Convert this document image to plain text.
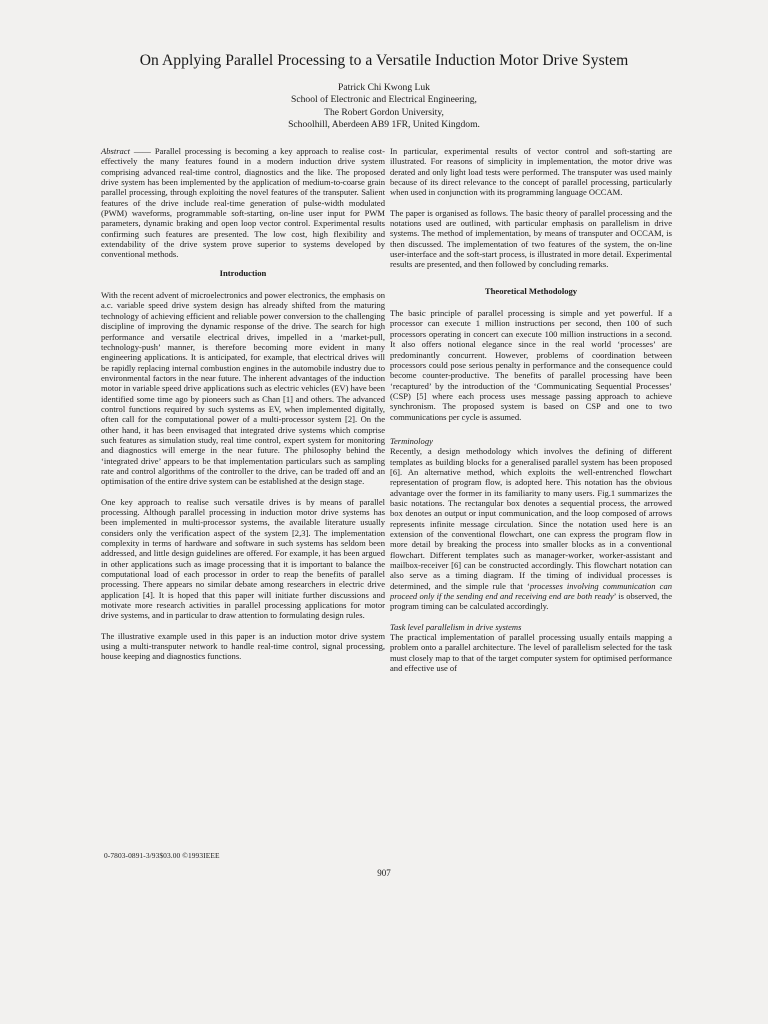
On Applying Parallel Processing to a Versatile Induction Motor Drive System
Patrick Chi Kwong Luk
School of Electronic and Electrical Engineering,
The Robert Gordon University,
Schoolhill, Aberdeen AB9 1FR, United Kingdom.

Abstract —— Parallel processing is becoming a key approach to realise cost-effectively the many features found in a modern induction drive system comprising advanced real-time control, diagnostics and the like. The proposed drive system has been implemented by the application of medium-to-coarse grain parallel processing, through exploiting the novel features of the transputer. Salient features of the drive include real-time generation of pulse-width modulated (PWM) waveforms, programmable soft-starting, on-line user input for PWM parameters, dynamic braking and open loop vector control. Experimental results confirming such features are presented. The low cost, high flexibility and extendability of the drive system prove superior to systems developed by conventional methods.

Introduction

With the recent advent of microelectronics and power electronics, the emphasis on a.c. variable speed drive system design has already shifted from the maturing technology of achieving efficient and reliable power conversion to the challenging discipline of improving the dynamic response of the drive. The search for high performance and versatile electrical drives, impelled in a ‘market-pull, technology-push’ manner, is therefore becoming more evident in many engineering applications. It is anticipated, for example, that electrical drives will be rapidly replacing internal combustion engines in the automobile industry due to environmental factors in the near future. The inherent advantages of the induction motor in variable speed drive applications such as electric vehicles (EV) have been identified some time ago by pioneers such as Chan [1] and others. The advanced control functions required by such systems as EV, when implemented digitally, often call for the computational power of a multi-processor system [2]. On the other hand, it has been envisaged that integrated drive systems which comprise such features as simulation study, real time control, expert system for monitoring and diagnostics will emerge in the near future. The philosophy behind the ‘integrated drive’ appears to be that implementation particulars such as sampling rate and control algorithms of the controller to the drive, can be traded off and an optimisation of the entire drive system can be established at the design stage.

One key approach to realise such versatile drives is by means of parallel processing. Although parallel processing in induction motor drive systems has been implemented in multi-processor systems, the available literature usually considers only the verification aspect of the system [2,3]. The implementation complexity in terms of hardware and software in such systems has seldom been addressed, and little design guidelines are offered. For example, it has been argued in other applications such as image processing that it is important to balance the computational load of each processor in order to reap the benefits of parallel processing. There appears no similar debate among researchers in electric drive application [4]. It is hoped that this paper will initiate further discussions and motivate more research activities in parallel processing applications for motor drive systems, and in particular to draw attention to formulating design rules.

The illustrative example used in this paper is an induction motor drive system using a multi-transputer network to handle real-time control, signal processing, house keeping and diagnostics functions.

In particular, experimental results of vector control and soft-starting are illustrated. For reasons of simplicity in implementation, the motor drive was derated and only light load tests were performed. The transputer was used mainly because of its direct relevance to the concept of parallel processing, particularly when used in conjunction with its programming language OCCAM.

The paper is organised as follows. The basic theory of parallel processing and the notations used are outlined, with particular emphasis on parallelism in drive systems. The method of implementation, by means of transputer and OCCAM, is then discussed. The implementation of two features of the system, the on-line user-interface and the soft-start process, is illustrated in more detail. Experimental results are presented, and then followed by concluding remarks.

Theoretical Methodology

The basic principle of parallel processing is simple and yet powerful. If a processor can execute 1 million instructions per second, then 100 of such processors operating in concert can execute 100 million instructions in a second. It also offers notional elegance since in the real world ‘processes’ are predominantly concurrent. However, problems of coordination between processors could pose serious penalty in performance and the consequence could become counter-productive. The benefits of parallel processing have been ‘recaptured’ by the introduction of the ‘Communicating Sequential Processes’ (CSP) [5] where each process uses message passing approach to achieve synchronism. The proposed system is based on CSP and one to two communications per cycle is assumed.

Terminology

Recently, a design methodology which involves the defining of different templates as building blocks for a generalised parallel system has been proposed [6]. An alternative method, which exploits the well-entrenched flowchart representation of program flow, is adopted here. This notation has the obvious advantage over the former in its familiarity to many users. Fig.1 summarizes the basic notations. The rectangular box denotes a sequential process, the arrowed box denotes an output or input communication, and the loop composed of arrows represents infinite message circulation. Since the notation used here is an extension of the conventional flowchart, one can express the program flow in more detail by breaking the process into smaller blocks as in a conventional flowchart. Different templates such as manager-worker, worker-assistant and mailbox-receiver [6] can be constructed accordingly. This flowchart notation can also serve as a timing diagram. If the timing of individual processes is determined, and the simple rule that ‘processes involving communication can proceed only if the sending end and receiving end are both ready’ is observed, the program timing can be calculated accordingly.

Task level parallelism in drive systems

The practical implementation of parallel processing usually entails mapping a problem onto a parallel architecture. The level of parallelism selected for the task must closely map to that of the target computer system for optimised performance and effective use of

0-7803-0891-3/93$03.00 ©1993IEEE
907
